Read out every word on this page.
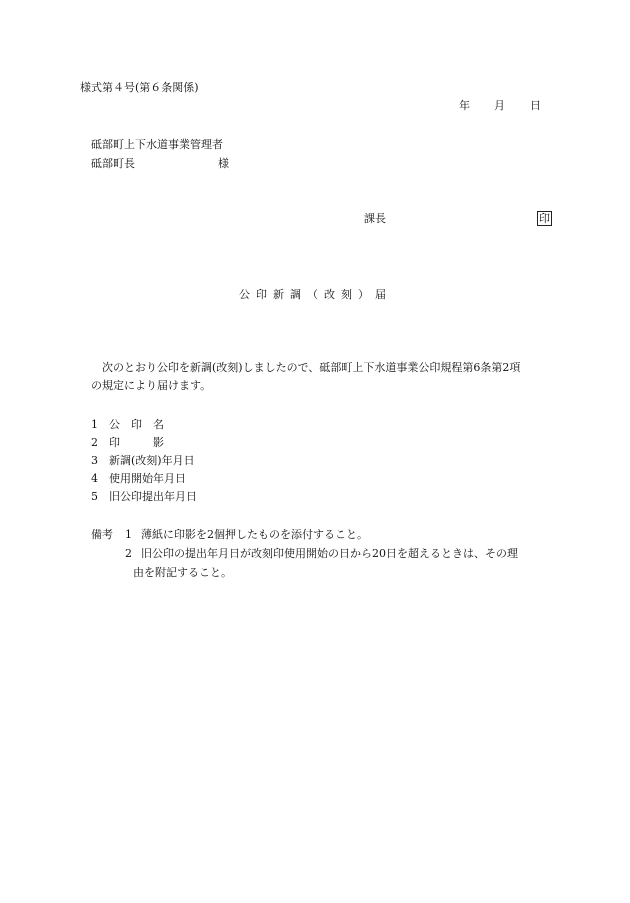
様式第４号(第６条関係)
年 月 日
砥部町上下水道事業管理者
砥部町長	様
課長	印
公 印 新 調 （ 改 刻 ） 届
次のとおり公印を新調(改刻)しましたので、砥部町上下水道事業公印規程第6条第2項
の規定により届けます。
1 公　印　名
2 印　　　影
3 新調(改刻)年月日
4 使用開始年月日
5 旧公印提出年月日
備考 1 薄紙に印影を2個押したものを添付すること。
2 旧公印の提出年月日が改刻印使用開始の日から20日を超えるときは、その理
由を附記すること。
